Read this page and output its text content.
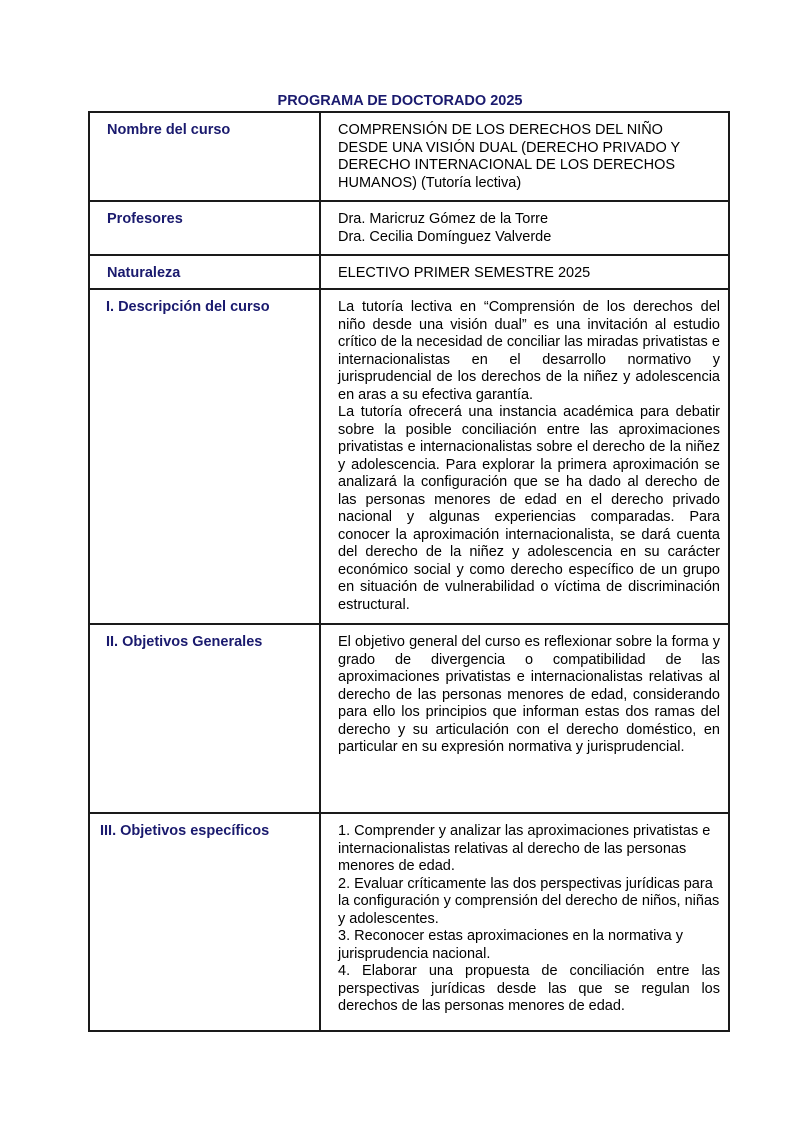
PROGRAMA DE DOCTORADO 2025
Nombre del curso	COMPRENSIÓN DE LOS DERECHOS DEL NIÑO DESDE UNA VISIÓN DUAL (DERECHO PRIVADO Y DERECHO INTERNACIONAL DE LOS DERECHOS HUMANOS) (Tutoría lectiva)

Profesores	Dra. Maricruz Gómez de la Torre

Dra. Cecilia Domínguez Valverde

Naturaleza	ELECTIVO PRIMER SEMESTRE 2025

I. Descripción del curso	La tutoría lectiva en “Comprensión de los derechos del niño desde una visión dual” es una invitación al estudio crítico de la necesidad de conciliar las miradas privatistas e internacionalistas en el desarrollo normativo y jurisprudencial de los derechos de la niñez y adolescencia en aras a su efectiva garantía.

La tutoría ofrecerá una instancia académica para debatir sobre la posible conciliación entre las aproximaciones privatistas e internacionalistas sobre el derecho de la niñez y adolescencia. Para explorar la primera aproximación se analizará la configuración que se ha dado al derecho de las personas menores de edad en el derecho privado nacional y algunas experiencias comparadas. Para conocer la aproximación internacionalista, se dará cuenta del derecho de la niñez y adolescencia en su carácter económico social y como derecho específico de un grupo en situación de vulnerabilidad o víctima de discriminación estructural.

II. Objetivos Generales	El objetivo general del curso es reflexionar sobre la forma y grado de divergencia o compatibilidad de las aproximaciones privatistas e internacionalistas relativas al derecho de las personas menores de edad, considerando para ello los principios que informan estas dos ramas del derecho y su articulación con el derecho doméstico, en particular en su expresión normativa y jurisprudencial.

III. Objetivos específicos	1. Comprender y analizar las aproximaciones privatistas e internacionalistas relativas al derecho de las personas menores de edad.

2. Evaluar críticamente las dos perspectivas jurídicas para la configuración y comprensión del derecho de niños, niñas y adolescentes.

3. Reconocer estas aproximaciones en la normativa y jurisprudencia nacional.

4. Elaborar una propuesta de conciliación entre las perspectivas jurídicas desde las que se regulan los derechos de las personas menores de edad.
